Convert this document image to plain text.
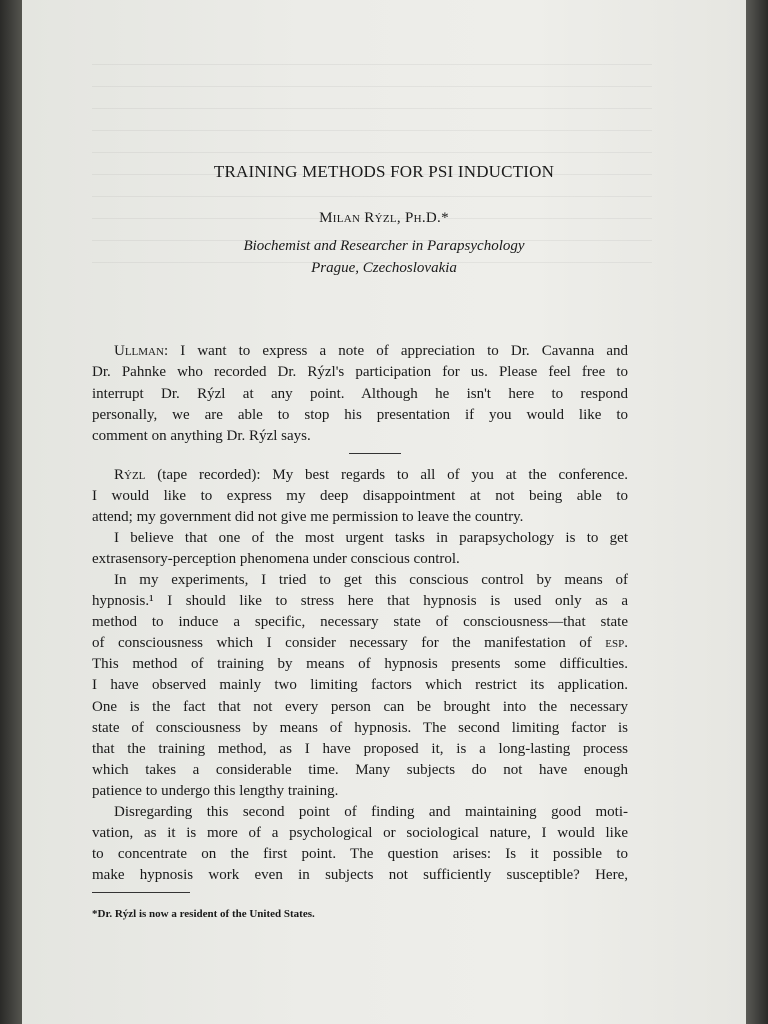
TRAINING METHODS FOR PSI INDUCTION
Milan Rýzl, Ph.D.*
Biochemist and Researcher in Parapsychology
Prague, Czechoslovakia
Ullman: I want to express a note of appreciation to Dr. Cavanna and
Dr. Pahnke who recorded Dr. Rýzl's participation for us. Please feel free to
interrupt Dr. Rýzl at any point. Although he isn't here to respond
personally, we are able to stop his presentation if you would like to
comment on anything Dr. Rýzl says.
Rýzl (tape recorded): My best regards to all of you at the conference.
I would like to express my deep disappointment at not being able to
attend; my government did not give me permission to leave the country.
I believe that one of the most urgent tasks in parapsychology is to get
extrasensory-perception phenomena under conscious control.
In my experiments, I tried to get this conscious control by means of
hypnosis.¹ I should like to stress here that hypnosis is used only as a
method to induce a specific, necessary state of consciousness—that state
of consciousness which I consider necessary for the manifestation of esp.
This method of training by means of hypnosis presents some difficulties.
I have observed mainly two limiting factors which restrict its application.
One is the fact that not every person can be brought into the necessary
state of consciousness by means of hypnosis. The second limiting factor is
that the training method, as I have proposed it, is a long-lasting process
which takes a considerable time. Many subjects do not have enough
patience to undergo this lengthy training.
Disregarding this second point of finding and maintaining good moti-
vation, as it is more of a psychological or sociological nature, I would like
to concentrate on the first point. The question arises: Is it possible to
make hypnosis work even in subjects not sufficiently susceptible? Here,
*Dr. Rýzl is now a resident of the United States.
